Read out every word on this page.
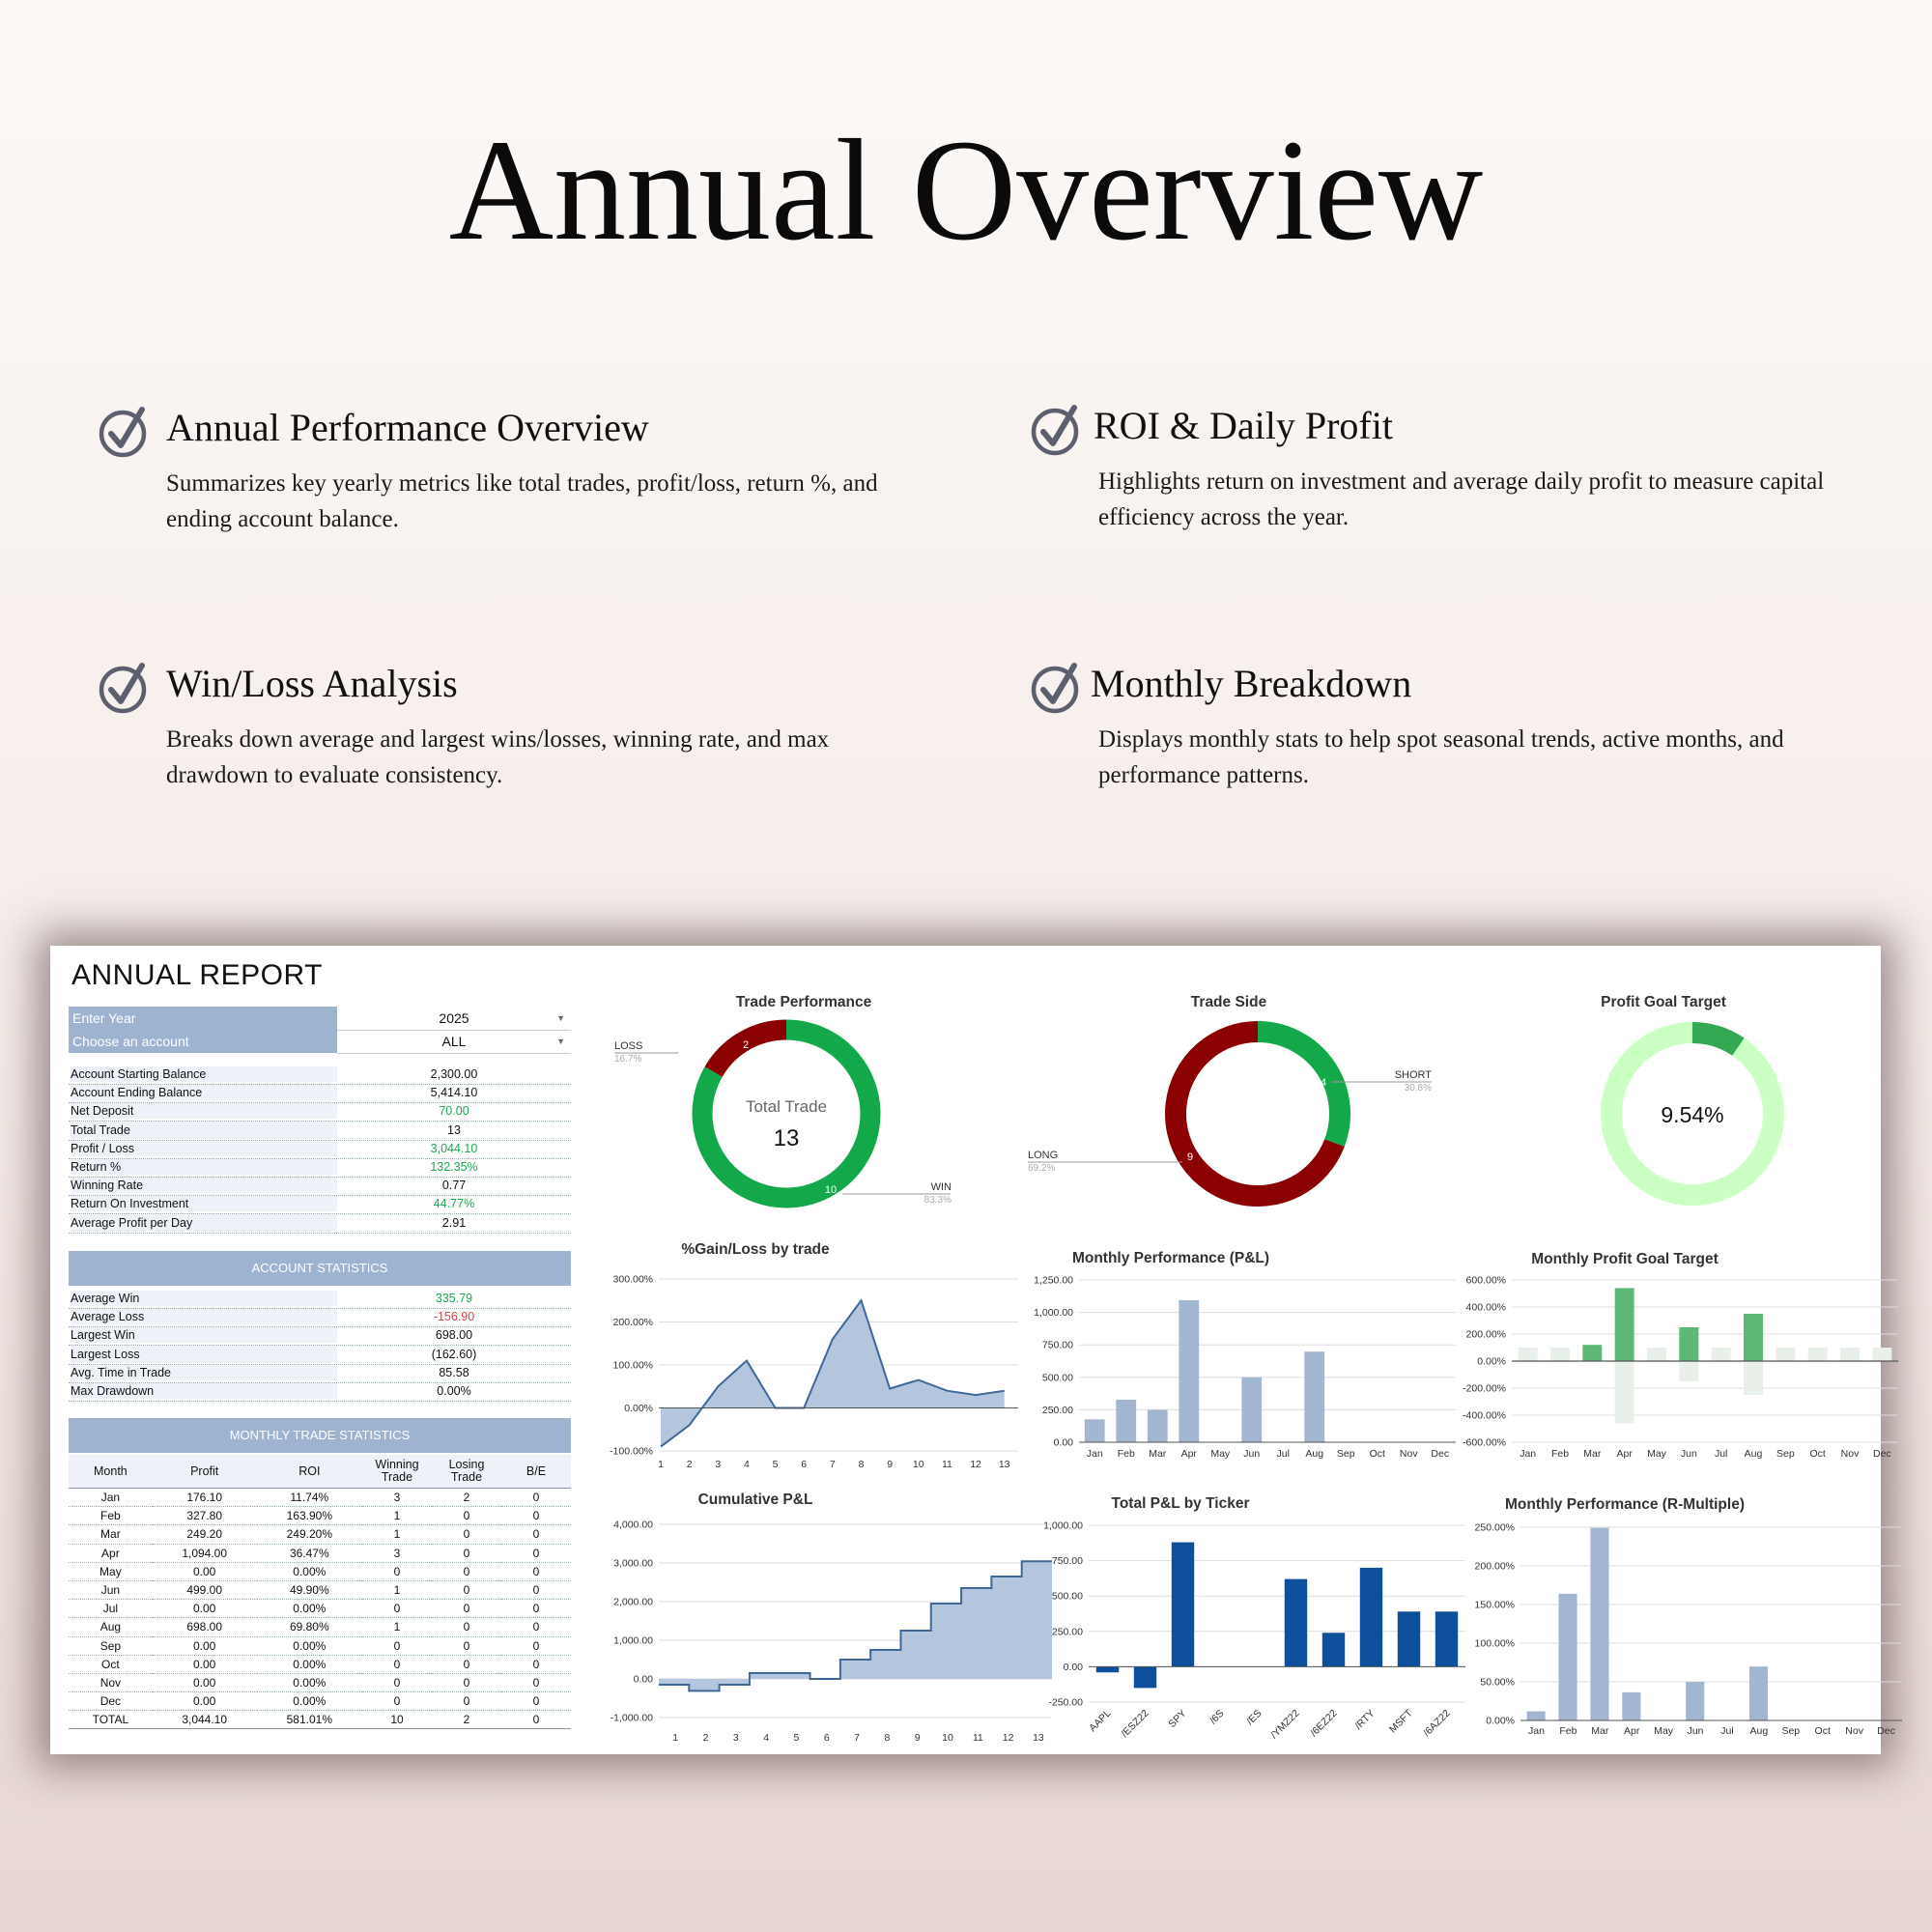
Annual Overview
Annual Performance Overview
Summarizes key yearly metrics like total trades, profit/loss, return %, and ending account balance.
ROI & Daily Profit
Highlights return on investment and average daily profit to measure capital efficiency across the year.
Win/Loss Analysis
Breaks down average and largest wins/losses, winning rate, and max drawdown to evaluate consistency.
Monthly Breakdown
Displays monthly stats to help spot seasonal trends, active months, and performance patterns.
ANNUAL REPORT
Enter Year	2025	▼
Choose an account	ALL	▼
Account Starting Balance	2,300.00
Account Ending Balance	5,414.10
Net Deposit	70.00
Total Trade	13
Profit / Loss	3,044.10
Return %	132.35%
Winning Rate	0.77
Return On Investment	44.77%
Average Profit per Day	2.91
ACCOUNT STATISTICS
Average Win	335.79
Average Loss	-156.90
Largest Win	698.00
Largest Loss	(162.60)
Avg. Time in Trade	85.58
Max Drawdown	0.00%
MONTHLY TRADE STATISTICS
Month	Profit	ROI	Winning Trade	Losing Trade	B/E
Jan	176.10	11.74%	3	2	0
Feb	327.80	163.90%	1	0	0
Mar	249.20	249.20%	1	0	0
Apr	1,094.00	36.47%	3	0	0
May	0.00	0.00%	0	0	0
Jun	499.00	49.90%	1	0	0
Jul	0.00	0.00%	0	0	0
Aug	698.00	69.80%	1	0	0
Sep	0.00	0.00%	0	0	0
Oct	0.00	0.00%	0	0	0
Nov	0.00	0.00%	0	0	0
Dec	0.00	0.00%	0	0	0
TOTAL	3,044.10	581.01%	10	2	0
Trade Performance	Trade Side	Profit Goal Target
%Gain/Loss by trade
Monthly Performance (P&L)	Monthly Profit Goal Target
Cumulative P&L	Total P&L by Ticker	Monthly Performance (R-Multiple)
Total Trade
13
2
10	WIN
83.3%
LOSS
16.7%
4
9
SHORT
30.8%
LONG
69.2%
9.54%
300.00%
200.00%
100.00%
0.00%
-100.00%
1 2 3 4 5 6 7 8 9 10 11 12 13
1,250.00
1,000.00
750.00
500.00
250.00
0.00
Jan Feb Mar Apr May Jun Jul Aug Sep Oct Nov Dec
600.00%
400.00%
200.00%
0.00%
-200.00%
-400.00%
-600.00%
Jan Feb Mar Apr May Jun Jul Aug Sep Oct Nov Dec
4,000.00
3,000.00
2,000.00
1,000.00
0.00
-1,000.00
1 2 3 4 5 6 7 8 9 10 11 12 13
1,000.00
750.00
500.00
250.00
0.00
-250.00
AAPL /ESZ22 SPY /6S /ES /YMZ22 /6EZ22 /RTY MSFT /6AZ22
250.00%
200.00%
150.00%
100.00%
50.00%
0.00%
Jan Feb Mar Apr May Jun Jul Aug Sep Oct Nov Dec
